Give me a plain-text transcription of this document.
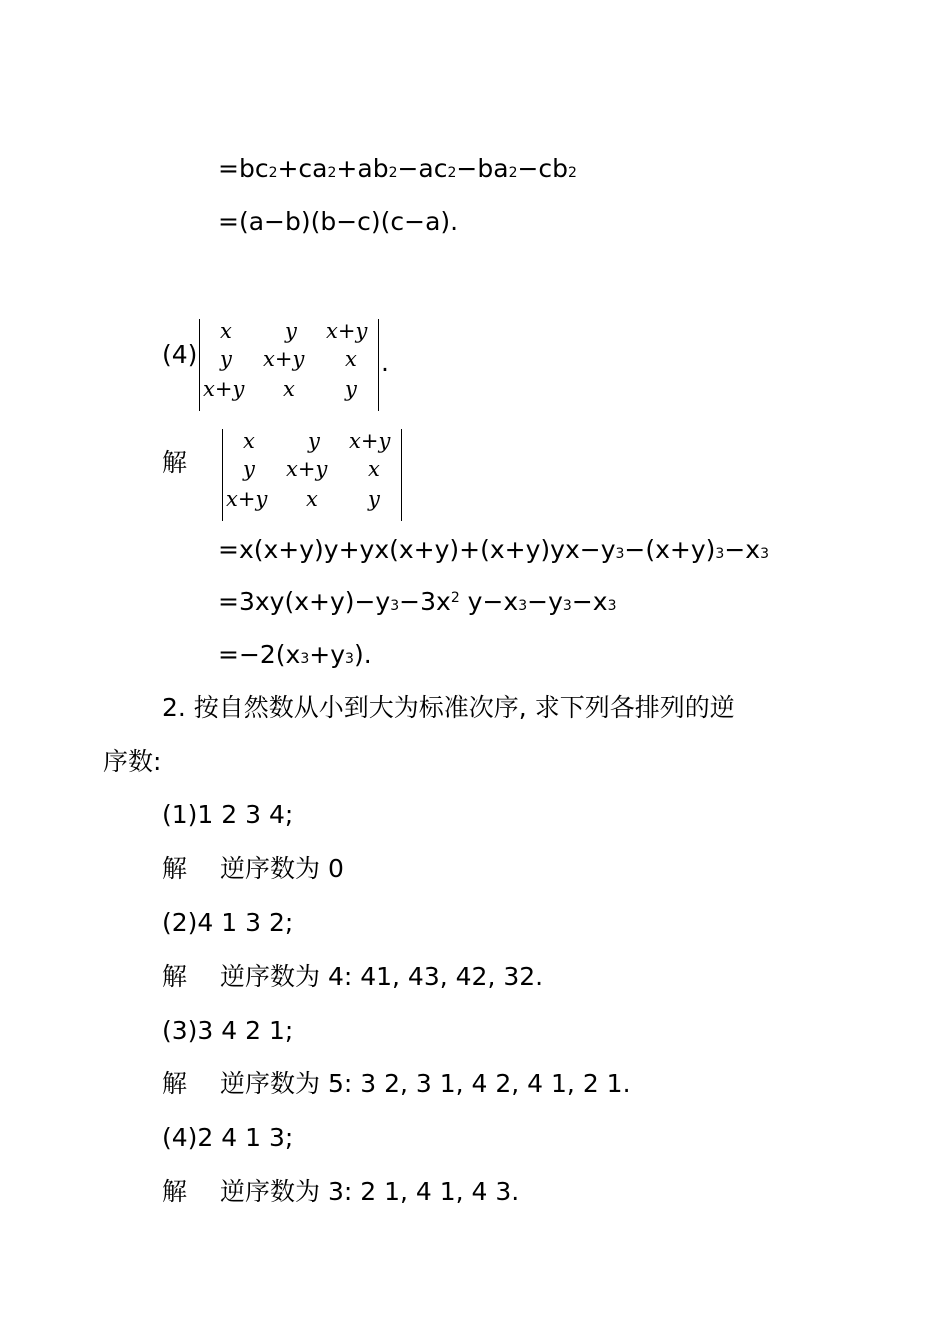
=bc2+ca2+ab2−ac2−ba2−cb2
=(a−b)(b−c)(c−a).
(4)
x	y x+y
y x+y x
x+y x y
.
解
x	y x+y
y x+y x
x+y x y
=x(x+y)y+yx(x+y)+(x+y)yx−y3−(x+y)3−x3
$=3xy(x+y)-y3-3x^2$ y−x3−y3−x3
=−2(x3+y3).
2. 按自然数从小到大为标准次序, 求下列各排列的逆
序数:
(1)1 2 3 4;
解 逆序数为 0
(2)4 1 3 2;
解 逆序数为 4: 41, 43, 42, 32.
(3)3 4 2 1;
解 逆序数为 5: 3 2, 3 1, 4 2, 4 1, 2 1.
(4)2 4 1 3;
解 逆序数为 3: 2 1, 4 1, 4 3.
